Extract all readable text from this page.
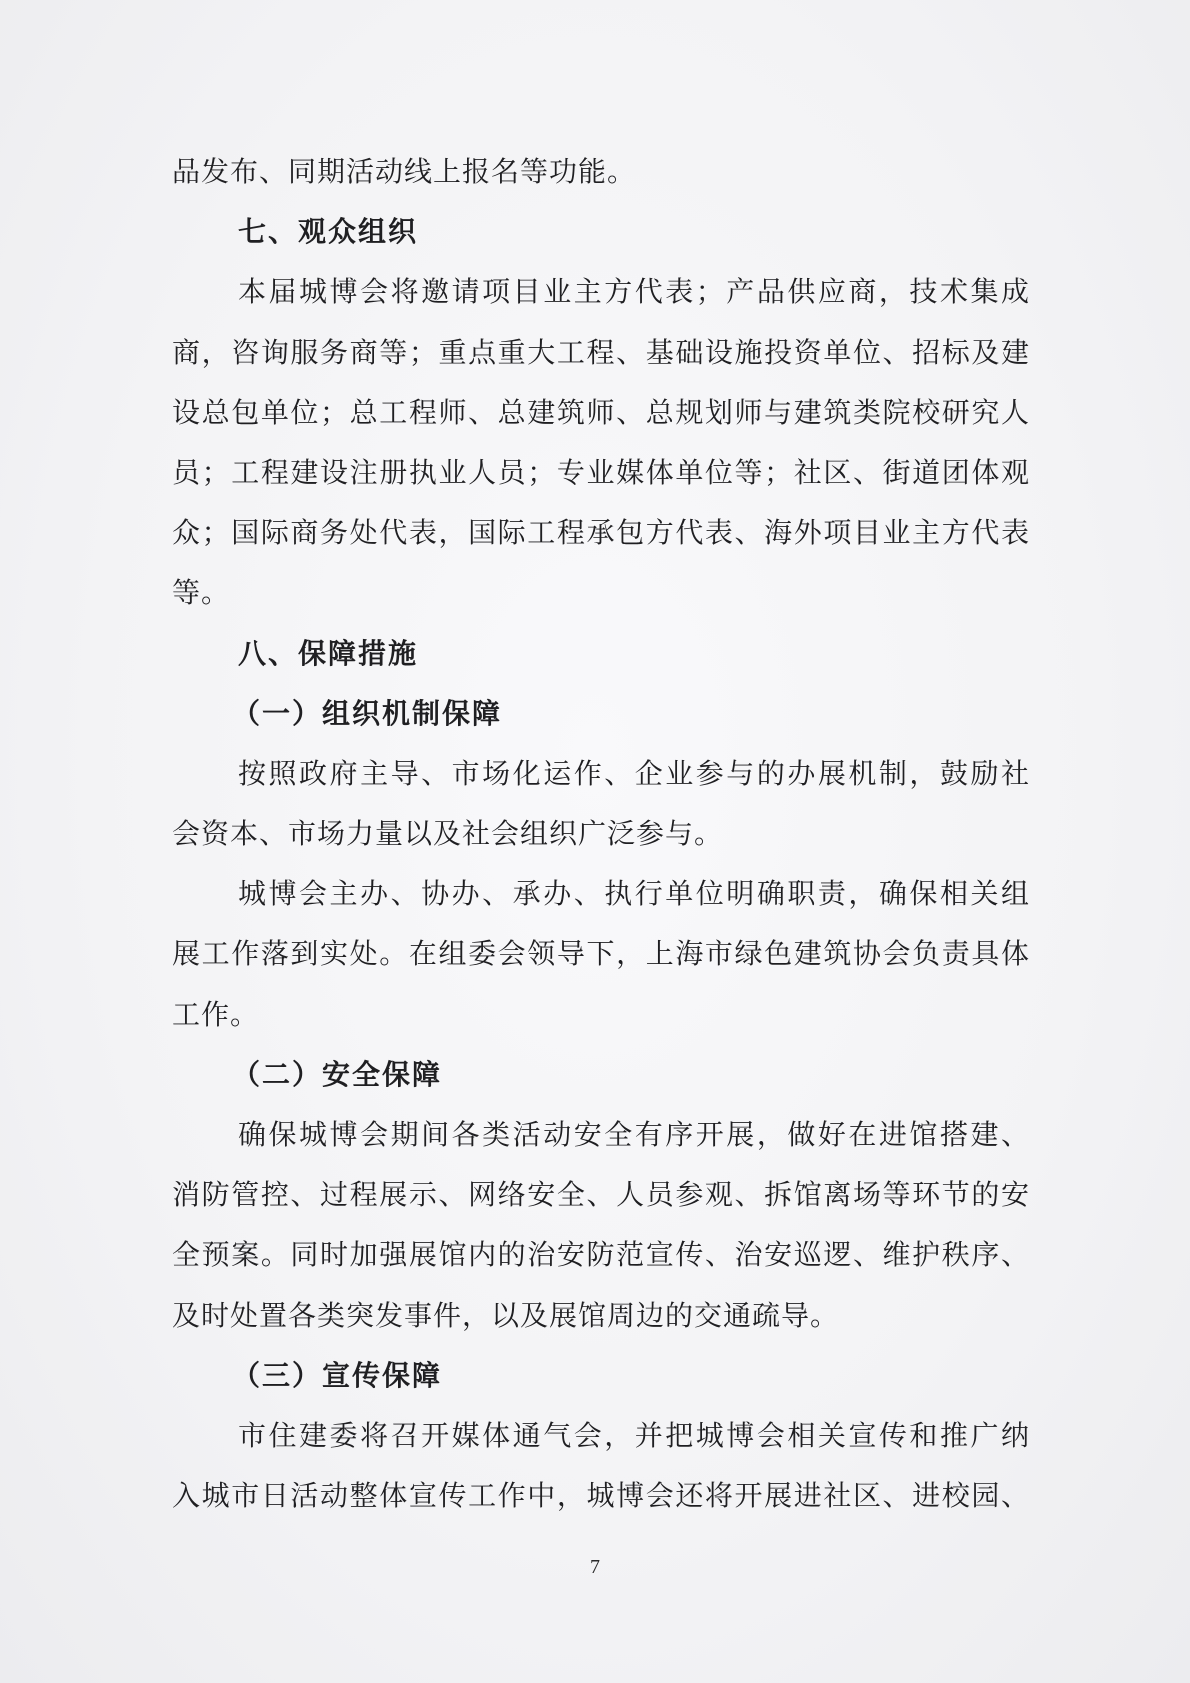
品发布、同期活动线上报名等功能。
七、观众组织
本届城博会将邀请项目业主方代表；产品供应商，技术集成
商，咨询服务商等；重点重大工程、基础设施投资单位、招标及建
设总包单位；总工程师、总建筑师、总规划师与建筑类院校研究人
员；工程建设注册执业人员；专业媒体单位等；社区、街道团体观
众；国际商务处代表，国际工程承包方代表、海外项目业主方代表
等。
八、保障措施
（一）组织机制保障
按照政府主导、市场化运作、企业参与的办展机制，鼓励社
会资本、市场力量以及社会组织广泛参与。
城博会主办、协办、承办、执行单位明确职责，确保相关组
展工作落到实处。在组委会领导下，上海市绿色建筑协会负责具体
工作。
（二）安全保障
确保城博会期间各类活动安全有序开展，做好在进馆搭建、
消防管控、过程展示、网络安全、人员参观、拆馆离场等环节的安
全预案。同时加强展馆内的治安防范宣传、治安巡逻、维护秩序、
及时处置各类突发事件，以及展馆周边的交通疏导。
（三）宣传保障
市住建委将召开媒体通气会，并把城博会相关宣传和推广纳
入城市日活动整体宣传工作中，城博会还将开展进社区、进校园、
7
